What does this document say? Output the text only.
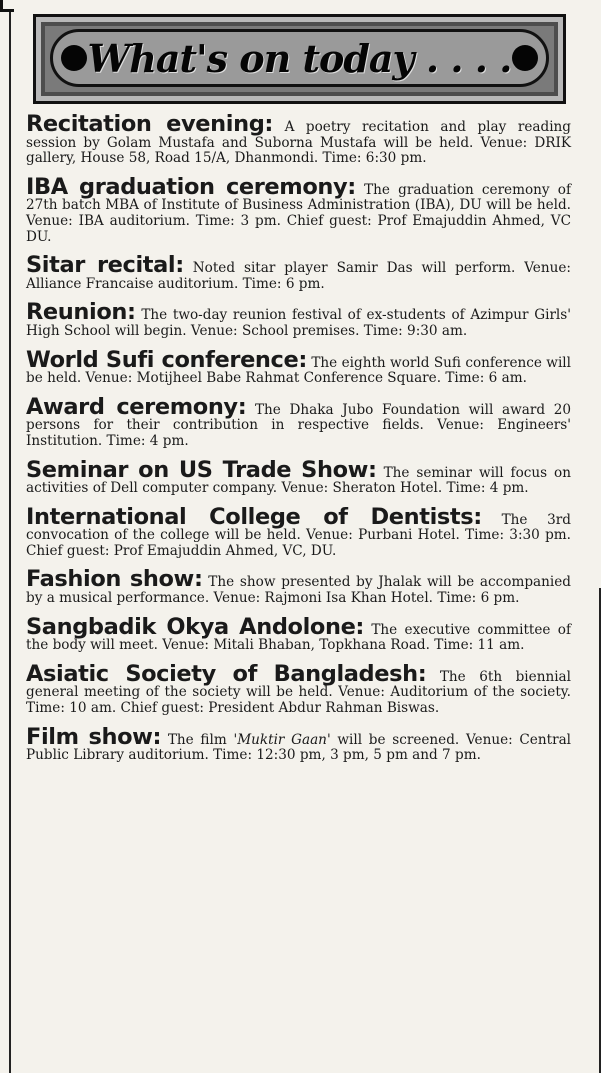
What's on today . . . .

Recitation evening: A poetry recitation and play reading session by Golam Mustafa and Suborna Mustafa will be held. Venue: DRIK gallery, House 58, Road 15/A, Dhanmondi. Time: 6:30 pm.

IBA graduation ceremony: The graduation ceremony of 27th batch MBA of Institute of Business Administration (IBA), DU will be held. Venue: IBA auditorium. Time: 3 pm. Chief guest: Prof Emajuddin Ahmed, VC DU.

Sitar recital: Noted sitar player Samir Das will perform. Venue: Alliance Francaise auditorium. Time: 6 pm.

Reunion: The two-day reunion festival of ex-students of Azimpur Girls' High School will begin. Venue: School premises. Time: 9:30 am.

World Sufi conference: The eighth world Sufi conference will be held. Venue: Motijheel Babe Rahmat Conference Square. Time: 6 am.

Award ceremony: The Dhaka Jubo Foundation will award 20 persons for their contribution in respective fields. Venue: Engineers' Institution. Time: 4 pm.

Seminar on US Trade Show: The seminar will focus on activities of Dell computer company. Venue: Sheraton Hotel. Time: 4 pm.

International College of Dentists: The 3rd convocation of the college will be held. Venue: Purbani Hotel. Time: 3:30 pm. Chief guest: Prof Emajuddin Ahmed, VC, DU.

Fashion show: The show presented by Jhalak will be accompanied by a musical performance. Venue: Rajmoni Isa Khan Hotel. Time: 6 pm.

Sangbadik Okya Andolone: The executive committee of the body will meet. Venue: Mitali Bhaban, Topkhana Road. Time: 11 am.

Asiatic Society of Bangladesh: The 6th biennial general meeting of the society will be held. Venue: Auditorium of the society. Time: 10 am. Chief guest: President Abdur Rahman Biswas.

Film show: The film 'Muktir Gaan' will be screened. Venue: Central Public Library auditorium. Time: 12:30 pm, 3 pm, 5 pm and 7 pm.
